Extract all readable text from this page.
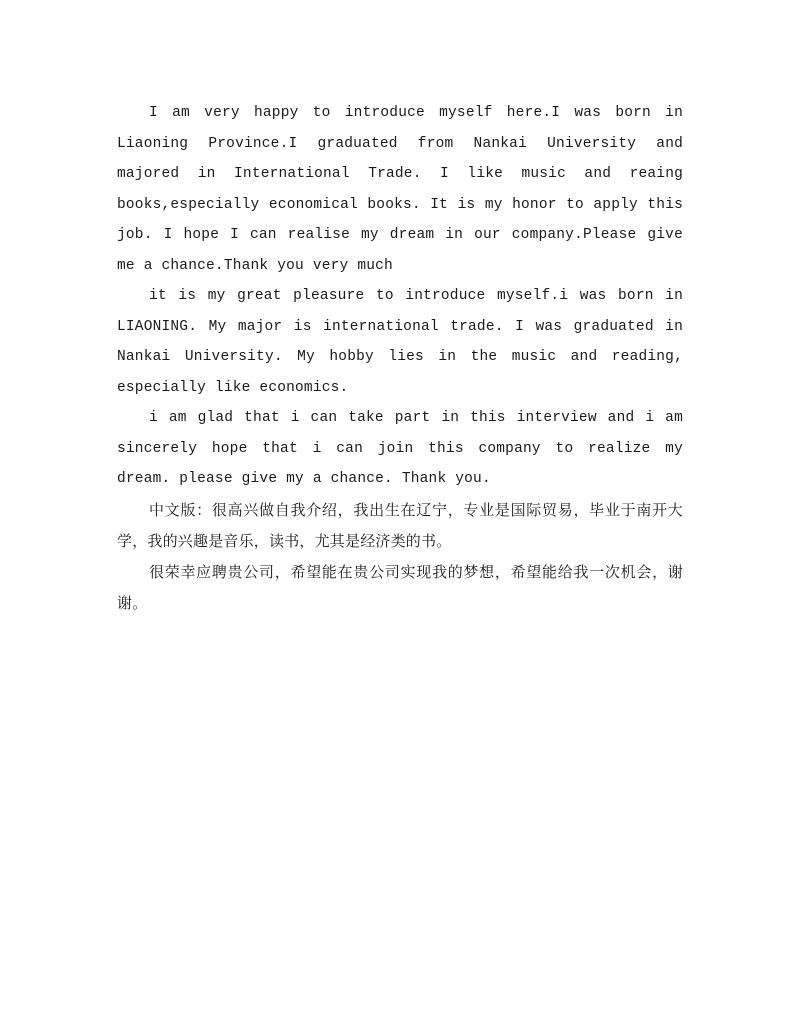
I am very happy to introduce myself here.I was born in Liaoning Province.I graduated from Nankai University and majored in International Trade. I like music and reaing books,especially economical books. It is my honor to apply this job. I hope I can realise my dream in our company.Please give me a chance.Thank you very much

it is my great pleasure to introduce myself.i was born in LIAONING. My major is international trade. I was graduated in Nankai University. My hobby lies in the music and reading, especially like economics.

i am glad that i can take part in this interview and i am sincerely hope that i can join this company to realize my dream. please give my a chance. Thank you.

中文版：很高兴做自我介绍，我出生在辽宁，专业是国际贸易，毕业于南开大学，我的兴趣是音乐，读书，尤其是经济类的书。

很荣幸应聘贵公司，希望能在贵公司实现我的梦想，希望能给我一次机会，谢谢。
